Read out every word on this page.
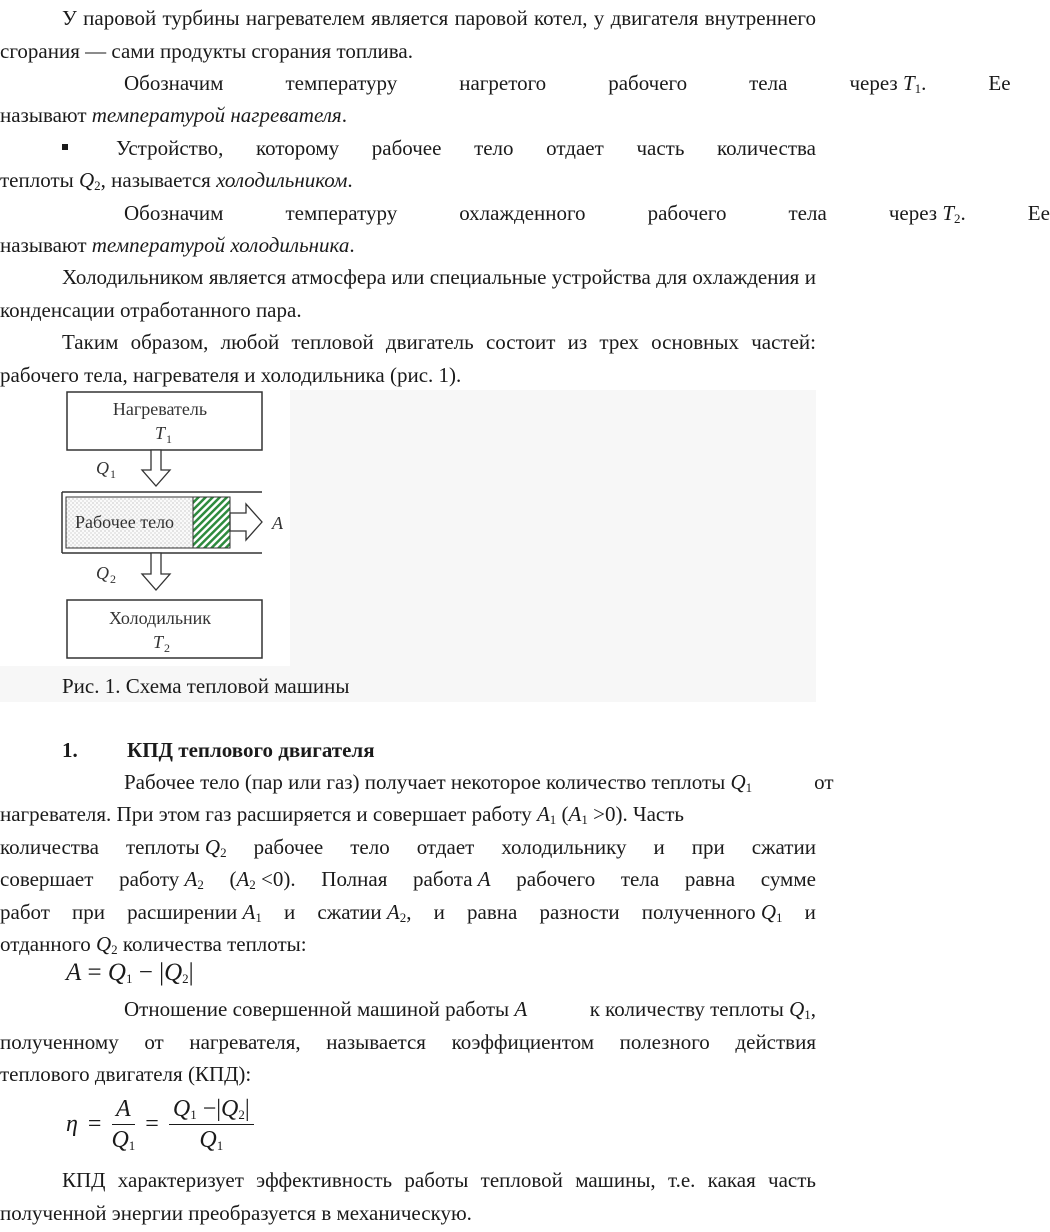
У паровой турбины нагревателем является паровой котел, у двигателя внутреннего сгорания — сами продукты сгорания топлива.
Обозначим	температуру	нагретого	рабочего	тела	через $T_1$.	Ее
называют температурой нагревателя.
Устройство, которому рабочее тело отдает часть количества
теплоты $Q_2$, называется холодильником.
Обозначим	температуру	охлажденного	рабочего	тела	через $T_2$.	Ее
называют температурой холодильника.
Холодильником является атмосфера или специальные устройства для охлаждения и конденсации отработанного пара.
Таким образом, любой тепловой двигатель состоит из трех основных частей: рабочего тела, нагревателя и холодильника (рис. 1).
Нагреватель
T 1
Q 1
Рабочее тело	A
Q 2
Холодильник
T 2
Рис. 1. Схема тепловой машины
1. КПД теплового двигателя
Рабочее тело (пар или газ) получает некоторое количество теплоты $Q_1$	от
нагревателя. При этом газ расширяется и совершает работу $A_1$ $(A_1 >0)$. Часть
количества теплоты $Q_2$ рабочее тело отдает холодильнику и при сжатии
совершает работу $A_2$ $(A_2 <0)$. Полная работа A рабочего тела равна сумме
работ при расширении $A_1$ и сжатии $A_2$, и равна разности полученного $Q_1$ и
отданного $Q_2$ количества теплоты:
$A = Q_1 - |Q_2|$
Отношение совершенной машиной работы A	к количеству теплоты $Q_1$,
полученному от нагревателя, называется коэффициентом полезного действия
теплового двигателя (КПД):
$\eta = \frac{A}{Q_1} = \frac{Q_1 -|Q_2|}{Q_1}$
КПД характеризует эффективность работы тепловой машины, т.е. какая часть полученной энергии преобразуется в механическую.
